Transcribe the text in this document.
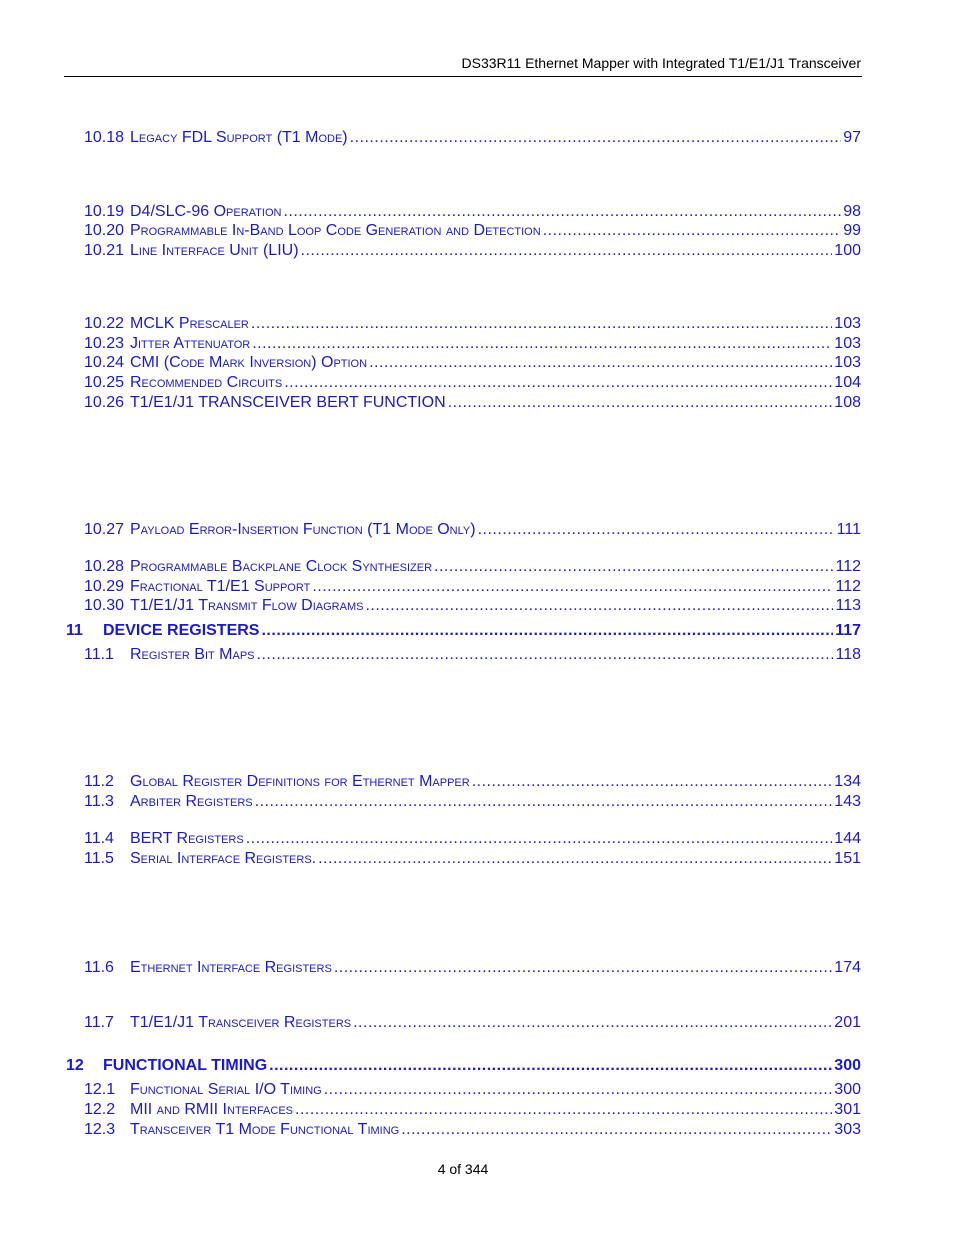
DS33R11 Ethernet Mapper with Integrated T1/E1/J1 Transceiver
10.18 Legacy FDL Support (T1 Mode) .....	97
10.19 D4/SLC-96 Operation .....	98
10.20 Programmable In-Band Loop Code Generation and Detection .....	99
10.21 Line Interface Unit (LIU) .....	100
10.22 MCLK Prescaler .....	103
10.23 Jitter Attenuator .....	103
10.24 CMI (Code Mark Inversion) Option .....	103
10.25 Recommended Circuits .....	104
10.26 T1/E1/J1 TRANSCEIVER BERT FUNCTION .....	108
10.27 Payload Error-Insertion Function (T1 Mode Only) .....	111
10.28 Programmable Backplane Clock Synthesizer .....	112
10.29 Fractional T1/E1 Support .....	112
10.30 T1/E1/J1 Transmit Flow Diagrams .....	113
11	DEVICE REGISTERS .....	117
11.1	Register Bit Maps .....	118
11.2	Global Register Definitions for Ethernet Mapper .....	134
11.3	Arbiter Registers .....	143
11.4	BERT Registers .....	144
11.5	Serial Interface Registers. .....	151
11.6	Ethernet Interface Registers .....	174
11.7	T1/E1/J1 Transceiver Registers .....	201
12	FUNCTIONAL TIMING .....	300
12.1 Functional Serial I/O Timing .....	300
12.2 MII and RMII Interfaces .....	301
12.3 Transceiver T1 Mode Functional Timing .....	303
4 of 344
